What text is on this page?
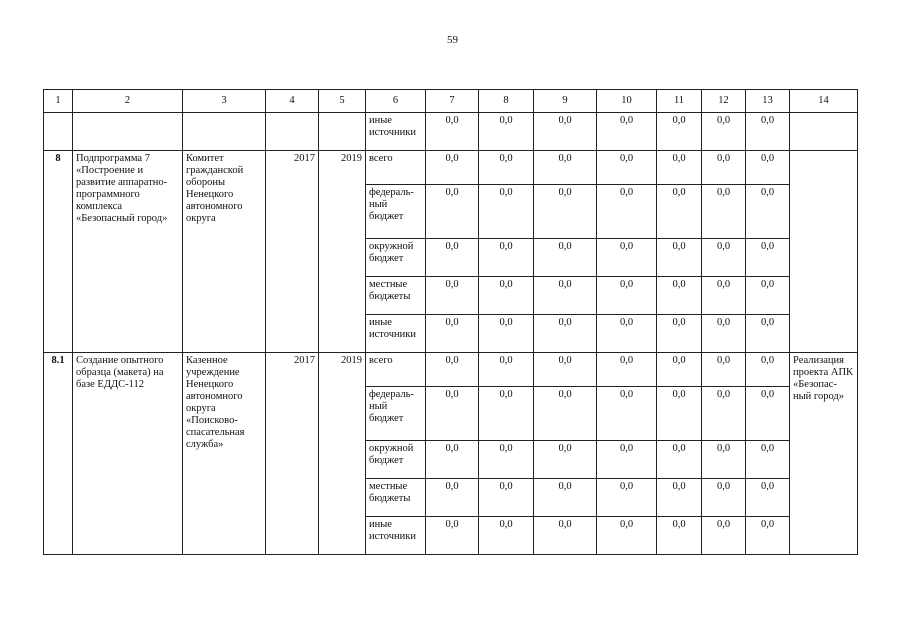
59
1	2	3	4	5	6	7	8	9	10	11	12	13	14
					иные источники	0,0	0,0	0,0	0,0	0,0	0,0	0,0	
8	Подпрограмма 7 «Построение и развитие аппаратно-программного комплекса «Безопасный город»	Комитет гражданской обороны Ненецкого автономного округа	2017	2019	всего	0,0	0,0	0,0	0,0	0,0	0,0	0,0	
					федераль-ный бюджет	0,0	0,0	0,0	0,0	0,0	0,0	0,0	
					окружной бюджет	0,0	0,0	0,0	0,0	0,0	0,0	0,0	
					местные бюджеты	0,0	0,0	0,0	0,0	0,0	0,0	0,0	
					иные источники	0,0	0,0	0,0	0,0	0,0	0,0	0,0	
8.1	Создание опытного образца (макета) на базе ЕДДС-112	Казенное учреждение Ненецкого автономного округа «Поисково-спасательная служба»	2017	2019	всего	0,0	0,0	0,0	0,0	0,0	0,0	0,0	Реализация проекта АПК «Безопас-ный город»
					федераль-ный бюджет	0,0	0,0	0,0	0,0	0,0	0,0	0,0	
					окружной бюджет	0,0	0,0	0,0	0,0	0,0	0,0	0,0	
					местные бюджеты	0,0	0,0	0,0	0,0	0,0	0,0	0,0	
					иные источники	0,0	0,0	0,0	0,0	0,0	0,0	0,0	
